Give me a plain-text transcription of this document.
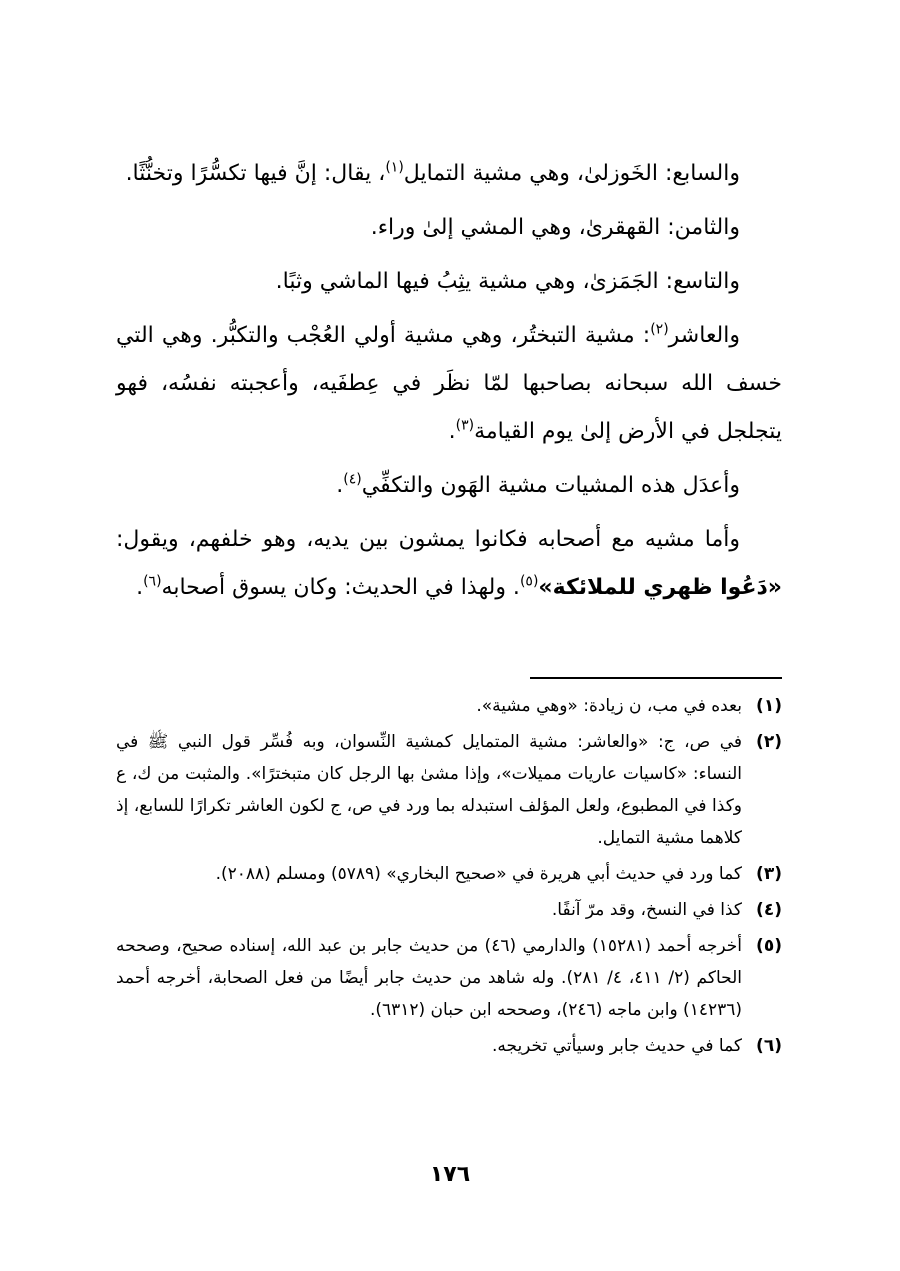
والسابع: الخَوزلىٰ، وهي مشية التمايل$^{(١)}$، يقال: إنَّ فيها تكسُّرًا وتخنُّثًا.

والثامن: القهقرىٰ، وهي المشي إلىٰ وراء.

والتاسع: الجَمَزىٰ، وهي مشية يثِبُ فيها الماشي وثبًا.

والعاشر$^{(٢)}$: مشية التبختُر، وهي مشية أولي العُجْب والتكبُّر. وهي التي خسف الله سبحانه بصاحبها لمّا نظَر في عِطفَيه، وأعجبته نفسُه، فهو يتجلجل في الأرض إلىٰ يوم القيامة$^{(٣)}$.

وأعدَل هذه المشيات مشية الهَون والتكفِّي$^{(٤)}$.

وأما مشيه مع أصحابه فكانوا يمشون بين يديه، وهو خلفهم، ويقول: «دَعُوا ظهري للملائكة»$^{(٥)}$. ولهذا في الحديث: وكان يسوق أصحابه$^{(٦)}$.

(١)
بعده في مب، ن زيادة: «وهي مشية».
(٢)
في ص، ج: «والعاشر: مشية المتمايل كمشية النِّسوان، وبه فُسِّر قول النبي ﷺ في النساء: «كاسيات عاريات مميلات»، وإذا مشىٰ بها الرجل كان متبخترًا». والمثبت من ك، ع وكذا في المطبوع، ولعل المؤلف استبدله بما ورد في ص، ج لكون العاشر تكرارًا للسابع، إذ كلاهما مشية التمايل.
(٣)
كما ورد في حديث أبي هريرة في «صحيح البخاري» (٥٧٨٩) ومسلم (٢٠٨٨).
(٤)
كذا في النسخ، وقد مرّ آنفًا.
(٥)
أخرجه أحمد (١٥٢٨١) والدارمي (٤٦) من حديث جابر بن عبد الله، إسناده صحيح، وصححه الحاكم (٢/ ٤١١، ٤/ ٢٨١). وله شاهد من حديث جابر أيضًا من فعل الصحابة، أخرجه أحمد (١٤٢٣٦) وابن ماجه (٢٤٦)، وصححه ابن حبان (٦٣١٢).
(٦)
كما في حديث جابر وسيأتي تخريجه.
١٧٦
